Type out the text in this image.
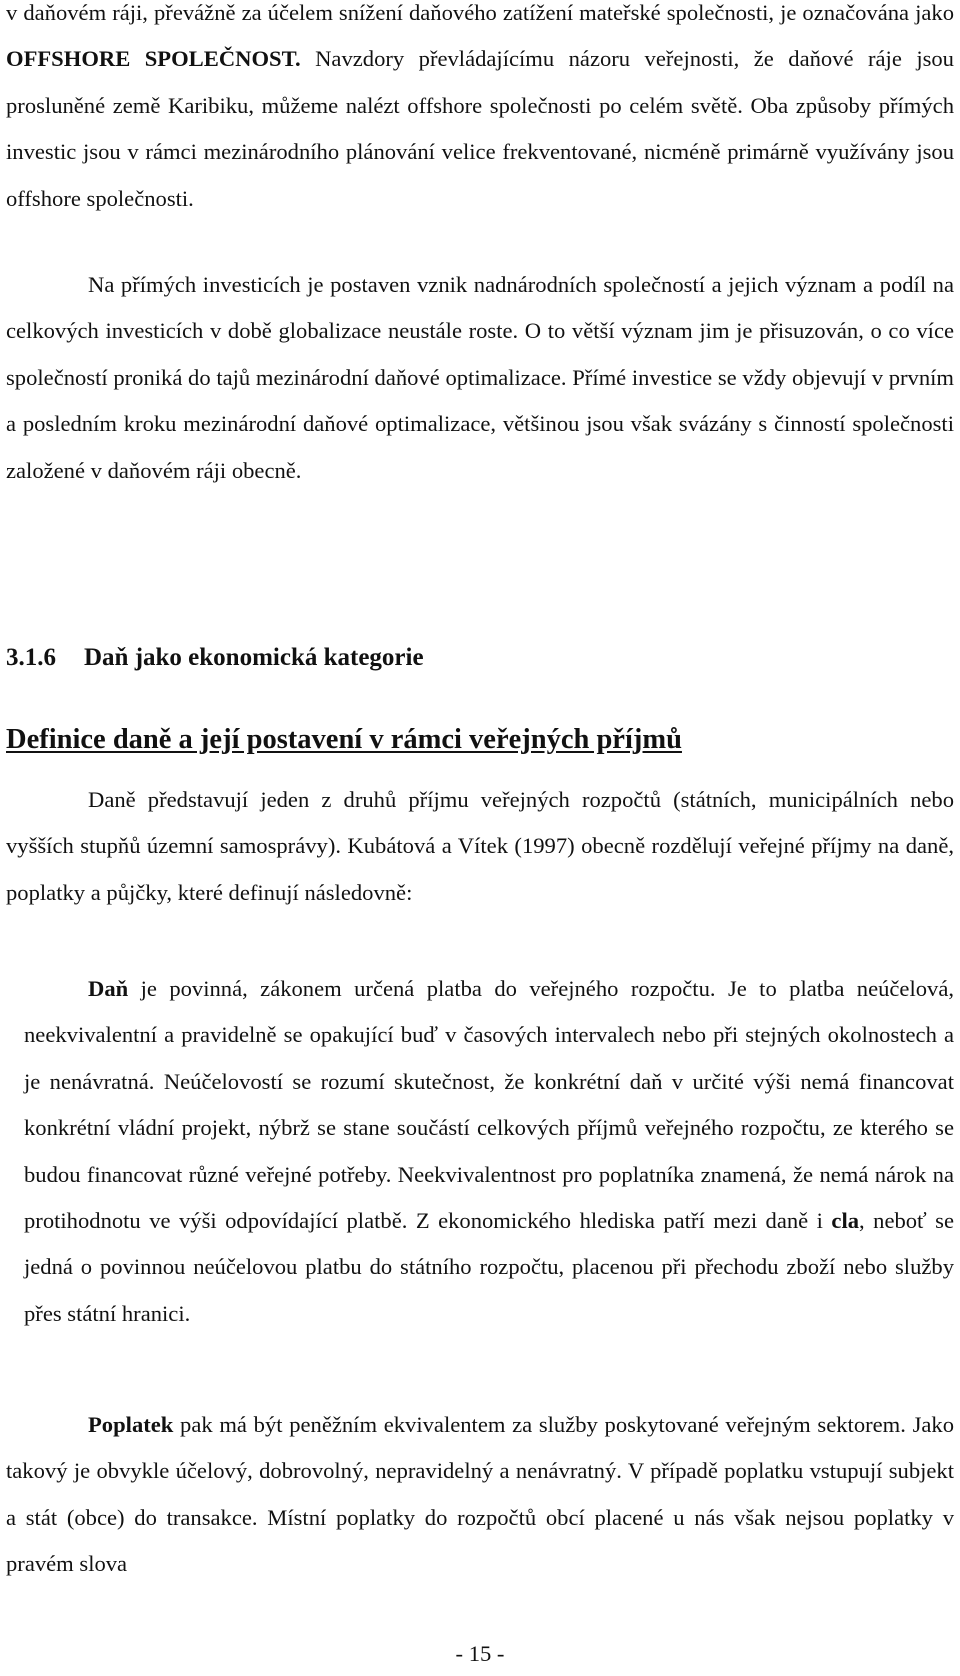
v daňovém ráji, převážně za účelem snížení daňového zatížení mateřské společnosti, je označována jako OFFSHORE SPOLEČNOST. Navzdory převládajícímu názoru veřejnosti, že daňové ráje jsou prosluněné země Karibiku, můžeme nalézt offshore společnosti po celém světě. Oba způsoby přímých investic jsou v rámci mezinárodního plánování velice frekventované, nicméně primárně využívány jsou offshore společnosti.

Na přímých investicích je postaven vznik nadnárodních společností a jejich význam a podíl na celkových investicích v době globalizace neustále roste. O to větší význam jim je přisuzován, o co více společností proniká do tajů mezinárodní daňové optimalizace. Přímé investice se vždy objevují v prvním a posledním kroku mezinárodní daňové optimalizace, většinou jsou však svázány s činností společnosti založené v daňovém ráji obecně.

3.1.6 Daň jako ekonomická kategorie
Definice daně a její postavení v rámci veřejných příjmů

Daně představují jeden z druhů příjmu veřejných rozpočtů (státních, municipálních nebo vyšších stupňů územní samosprávy). Kubátová a Vítek (1997) obecně rozdělují veřejné příjmy na daně, poplatky a půjčky, které definují následovně:

Daň je povinná, zákonem určená platba do veřejného rozpočtu. Je to platba neúčelová, neekvivalentní a pravidelně se opakující buď v časových intervalech nebo při stejných okolnostech a je nenávratná. Neúčelovostí se rozumí skutečnost, že konkrétní daň v určité výši nemá financovat konkrétní vládní projekt, nýbrž se stane součástí celkových příjmů veřejného rozpočtu, ze kterého se budou financovat různé veřejné potřeby. Neekvivalentnost pro poplatníka znamená, že nemá nárok na protihodnotu ve výši odpovídající platbě. Z ekonomického hlediska patří mezi daně i cla, neboť se jedná o povinnou neúčelovou platbu do státního rozpočtu, placenou při přechodu zboží nebo služby přes státní hranici.

Poplatek pak má být peněžním ekvivalentem za služby poskytované veřejným sektorem. Jako takový je obvykle účelový, dobrovolný, nepravidelný a nenávratný. V případě poplatku vstupují subjekt a stát (obce) do transakce. Místní poplatky do rozpočtů obcí placené u nás však nejsou poplatky v pravém slova

- 15 -
